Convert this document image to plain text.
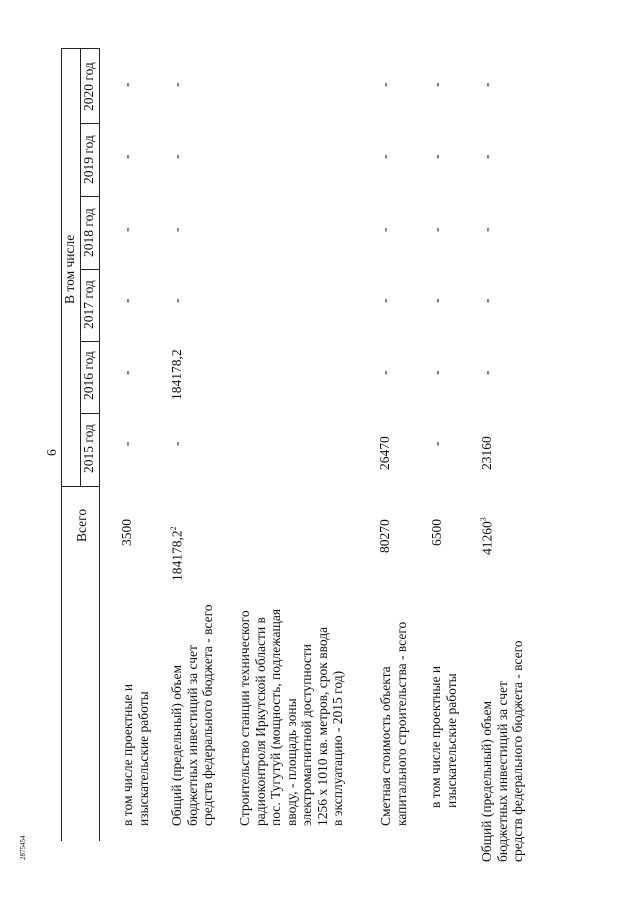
6
2875454
Всего
В том числе
2015 год
2016 год
2017 год
2018 год
2019 год
2020 год
в том числе проектные и
изыскательские работы
3500
-
-
-
-
-
-
Общий (предельный) объем
бюджетных инвестиций за счет
средств федерального бюджета - всего
184178,2$^2$
-
184178,2
-
-
-
-
Строительство станции технического
радиоконтроля Иркутской области в
пос. Тугутуй (мощность, подлежащая
вводу, - площадь зоны
электромагнитной доступности
1256 х 1010 кв. метров, срок ввода
в эксплуатацию - 2015 год)
Сметная стоимость объекта
капитального строительства - всего
80270
26470
-
-
-
-
-
в том числе проектные и
изыскательские работы
6500
-
-
-
-
-
-
Общий (предельный) объем
бюджетных инвестиций за счет
средств федерального бюджета - всего
41260$^3$
23160
-
-
-
-
-
